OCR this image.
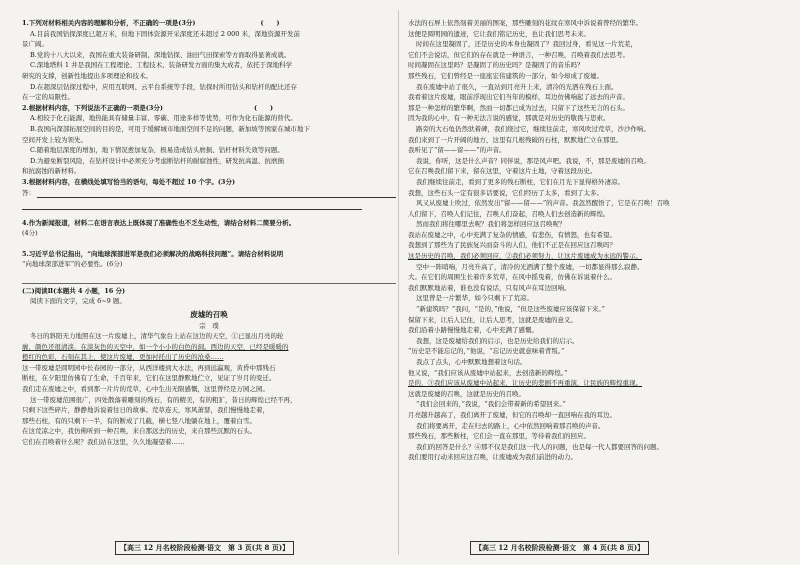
1.下列对材料相关内容的理解和分析，不正确的一项是(3分)　　　　　　　　　　(　　)

A.目前我国钻探深度已超万米，但地下固体资源开采深度还未超过 2 000 米，深地资源开发前

景广阔。

B.党的十八大以来，我国在重大装备研制、深地钻探、油田气田探索等方面取得显著成就。

C.深地塔科 1 井是我国在工程理论、工程技术、装备研发方面的集大成者，依托于深地科学

研究的支撑，创新性地提出多项理论和技术。

D.在超深层钻探过程中，应用互联网、云平台系统等手段，钻探时所用钻头和钻杆的配比还存

在一定的局限性。

2.根据材料内容，下列说法不正确的一项是(3分)　　　　　　　　　　　　　　(　　)

A.相较于化石能源，地热能具有储量丰富、零碳、用途多样等优势，可作为化石能源的替代。

B.我国向深部拓展空间的目的是，可用于缓解城市地面空间不足的问题，新加坡等国家在城市地下

空间开发上较为领先。

C.随着地层深度的增加，地下情况愈加复杂，极易造成钻头磨损、钻杆材料失效等问题。

D.为避免断裂风险，在钻杆设计中必须充分考虑断钻杆的耐腐蚀性，研发抗高温、抗磨损

和抗腐蚀的新材料。

3.根据材料内容，在横线处填写恰当的语句，每处不超过 10 个字。(3分)

答：

4.作为新闻报道，材料二在语言表达上既体现了准确性也不乏生动性，请结合材料二简要分析。

(4分)

5.习近平总书记指出，“向地球深部进军是我们必须解决的战略科技问题”。请结合材料说明

“向地球深部进军”的必要性。(6分)

(二)阅读Ⅱ(本题共 4 小题，16 分)

阅读下面的文字，完成 6~9 题。

废墟的召唤

宗　璞

冬日的斜阳无力地照在这一片废墟上，清华气象台上站在这边的天空，①已显出月亮的轮

廓，颜色还很清淡，在淡灰色的天空中，如一个小小的白色的洞。西边的天空，已经是暖暖的

橙红的色彩，石刻在其上，使这片废墟，更加衬托出了历史的沧桑……

这一带废墟是圆明园中长春园的一部分，从西洋楼到大水法，再到远瀛观，黄昏中那残石

断柱，在夕阳里仿佛有了生命，千百年来，它们在这里静默地伫立，见证了岁月的变迁。

我们走在废墟之中，看到那一片片的荒草，心中生出无限感慨，这里曾经是万园之园。

这一带废墟范围很广，四处散落着雕刻的残石，有的精美，有的粗犷，昔日的辉煌已经不再，

只剩下这些碎片，静静地诉说着往日的故事。荒草连天，寒风萧瑟，我们慢慢地走着，

那些石柱，有的只剩下一半，有的断成了几截，横七竖八地躺在地上，覆着白雪。

在这荒凉之中，我仿佛听到一种召唤，来自那远去的历史，来自那些沉默的石头。

它们在召唤着什么呢？我们站在这里，久久地凝望着……

水法的石屏上依然刻着美丽的图案，那些雕刻的花纹在寒风中诉说着曾经的繁华。

这便是圆明园的遗迹，它让我们铭记历史，也让我们思考未来。

时间在这里凝固了，还是历史的本身也凝固了？我回过身，看见这一片荒芜，

它们不会说话，但它们的存在就是一种语言，一种召唤，召唤着我们去思考。

时间凝固在这里吗？是凝固了的历史吗？是凝固了的音乐吗？

那些残石，它们曾经是一座座宏伟建筑的一部分，如今却成了废墟。

我在废墟中站了很久，一直站到月亮升上来，清冷的光洒在残石上面。

我看着这片废墟，眼前浮现出它们当年的模样，耳边仿佛响起了远去的声音。

那是一种怎样的繁华啊，然而一切都已成为过去，只留下了这些无言的石头。

因为我的心中，有一种无法言说的感觉，那就是对历史的敬畏与思索。

路旁的大石龟仍然驮着碑，我们绕过它，继续往前走，寒风吹过荒草，沙沙作响。

我们来到了一片开阔的地方，这里有几根残破的石柱，默默地伫立在那里。

我听见了“留——留——”的声音。

我说，你听，这是什么声音？同伴说，那是风声吧。我说，不，那是废墟的召唤。

它在召唤我们留下来，留在这里，守着这片土地，守着这段历史。

我们继续往前走，看到了更多的残石断柱，它们在月光下显得格外凄凉。

我想，这些石头一定有很多话要说，它们经历了太多，看到了太多。

风又从废墟上吹过，依然发出“留——留——”的声音。我忽然醒悟了，它是在召唤！召唤

人们留下，召唤人们记住，召唤人们奋起，召唤人们去创造新的辉煌。

然而我们将往哪里去呢？我们将怎样回应这召唤呢？

我站在废墟之中，心中充满了复杂的情感，有悲伤，有愤怒，也有希望。

我想到了那些为了民族复兴而奋斗的人们，他们不正是在回应这召唤吗？

这是历史的召唤，我们必须回应，②我们必须努力，让这片废墟成为永远的警示。

空中一阵哨响，月亮升高了，清冷的光洒满了整个废墟，一切都显得那么寂静。

大。在它们的周围生长着许多荒草，在风中摇曳着，仿佛在诉说着什么。

我们默默地站着，谁也没有说话，只有风声在耳边回响。

这里曾是一片繁华，如今只剩下了荒凉。

“新建筑吗？”我问，“是的，”他说，“但是这些废墟应该保留下来。”

保留下来，让后人记住，让后人思考，这就是废墟的意义。

我们沿着小路慢慢地走着，心中充满了感慨。

我想，这是废墟给我们的启示，也是历史给我们的启示。

“历史是不能忘记的，”他说，“忘记历史就意味着背叛。”

我点了点头，心中默默地想着这句话。

他又说，“我们应该从废墟中站起来，去创造新的辉煌。”

是的，③我们应该从废墟中站起来，让历史的悲剧不再重演，让民族的辉煌重现。

这就是废墟的召唤，这就是历史的召唤。

“我们会回来的，”我说，“我们会带着新的希望回来。”

月亮越升越高了，我们离开了废墟，但它的召唤却一直回响在我的耳边。

我们将要离开，走在归去的路上，心中依然回响着那召唤的声音。

那些残石，那些断柱，它们会一直在那里，等待着我们的回应。

我们的回答是什么？④那不仅是我们这一代人的问题，也是每一代人都要回答的问题。

我们要用行动来回应这召唤，让废墟成为我们前进的动力。

【高三 12 月名校阶段检测·语文　第 3 页(共 8 页)】	【高三 12 月名校阶段检测·语文　第 4 页(共 8 页)】
